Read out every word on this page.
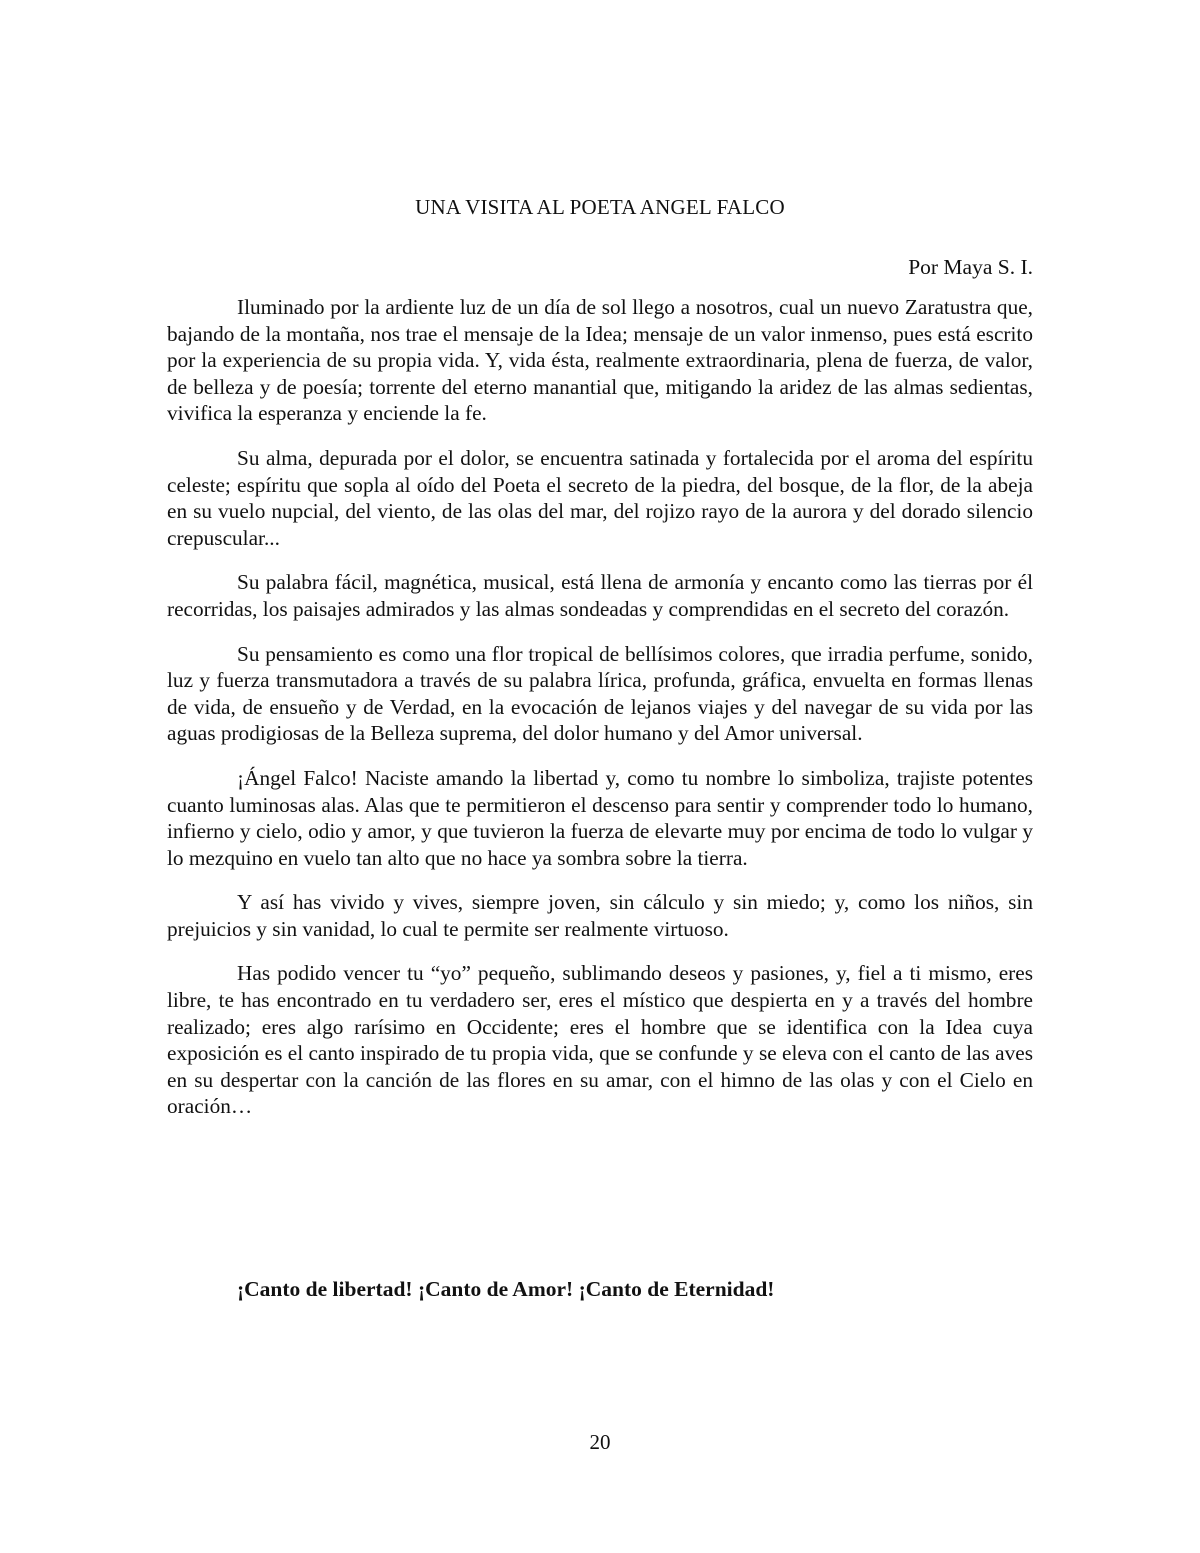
UNA VISITA AL POETA ANGEL FALCO
Por Maya S. I.

Iluminado por la ardiente luz de un día de sol llego a nosotros, cual un nuevo Zaratustra que, bajando de la montaña, nos trae el mensaje de la Idea; mensaje de un valor inmenso, pues está escrito por la experiencia de su propia vida. Y, vida ésta, realmente extraordinaria, plena de fuerza, de valor, de belleza y de poesía; torrente del eterno manantial que, mitigando la aridez de las almas sedientas, vivifica la esperanza y enciende la fe.

Su alma, depurada por el dolor, se encuentra satinada y fortalecida por el aroma del espíritu celeste; espíritu que sopla al oído del Poeta el secreto de la piedra, del bosque, de la flor, de la abeja en su vuelo nupcial, del viento, de las olas del mar, del rojizo rayo de la aurora y del dorado silencio crepuscular...

Su palabra fácil, magnética, musical, está llena de armonía y encanto como las tierras por él recorridas, los paisajes admirados y las almas sondeadas y comprendidas en el secreto del corazón.

Su pensamiento es como una flor tropical de bellísimos colores, que irradia perfume, sonido, luz y fuerza transmutadora a través de su palabra lírica, profunda, gráfica, envuelta en formas llenas de vida, de ensueño y de Verdad, en la evocación de lejanos viajes y del navegar de su vida por las aguas prodigiosas de la Belleza suprema, del dolor humano y del Amor universal.

¡Ángel Falco! Naciste amando la libertad y, como tu nombre lo simboliza, trajiste potentes cuanto luminosas alas. Alas que te permitieron el descenso para sentir y comprender todo lo humano, infierno y cielo, odio y amor, y que tuvieron la fuerza de elevarte muy por encima de todo lo vulgar y lo mezquino en vuelo tan alto que no hace ya sombra sobre la tierra.

Y así has vivido y vives, siempre joven, sin cálculo y sin miedo; y, como los niños, sin prejuicios y sin vanidad, lo cual te permite ser realmente virtuoso.

Has podido vencer tu “yo” pequeño, sublimando deseos y pasiones, y, fiel a ti mismo, eres libre, te has encontrado en tu verdadero ser, eres el místico que despierta en y a través del hombre realizado; eres algo rarísimo en Occidente; eres el hombre que se identifica con la Idea cuya exposición es el canto inspirado de tu propia vida, que se confunde y se eleva con el canto de las aves en su despertar con la canción de las flores en su amar, con el himno de las olas y con el Cielo en oración…

¡Canto de libertad! ¡Canto de Amor! ¡Canto de Eternidad!
20
